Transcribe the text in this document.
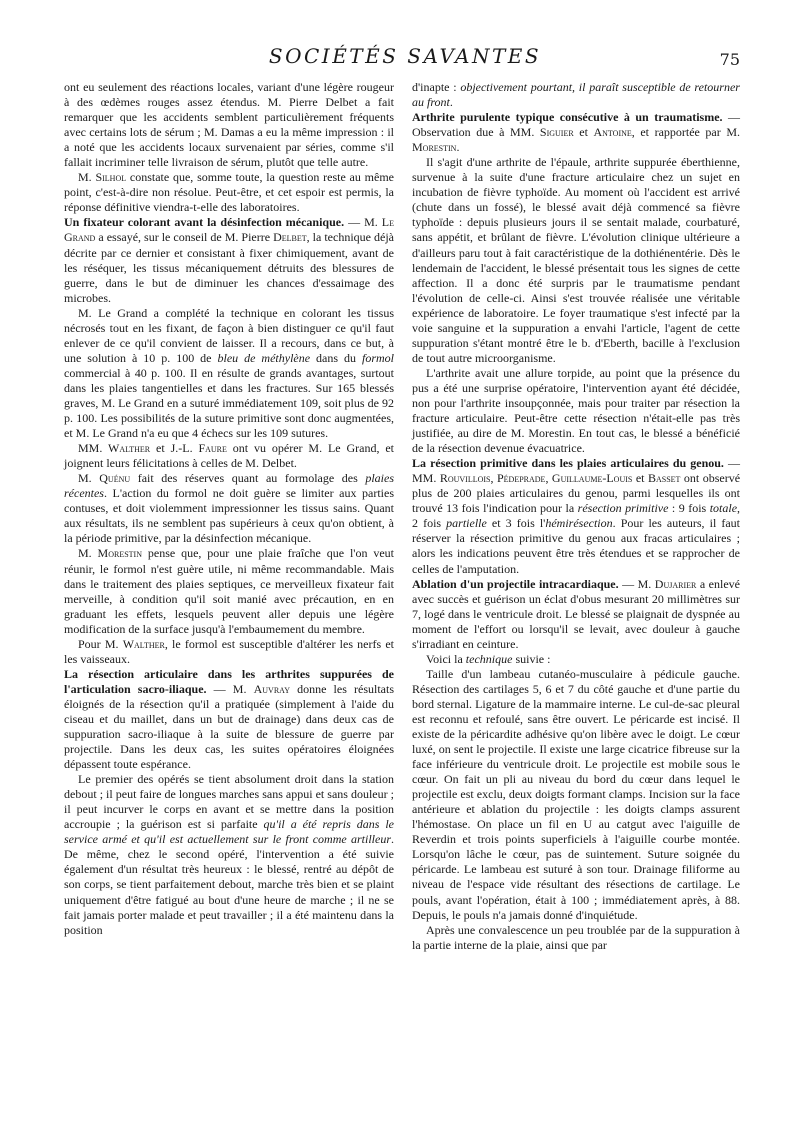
SOCIÉTÉS SAVANTES	75

ont eu seulement des réactions locales, variant d'une légère rougeur à des œdèmes rouges assez étendus. M. Pierre Delbet a fait remarquer que les accidents semblent particulièrement fréquents avec certains lots de sérum ; M. Damas a eu la même impression : il a noté que les accidents locaux survenaient par séries, comme s'il fallait incriminer telle livraison de sérum, plutôt que telle autre.

M. Silhol constate que, somme toute, la question reste au même point, c'est-à-dire non résolue. Peut-être, et cet espoir est permis, la réponse définitive viendra-t-elle des laboratoires.

Un fixateur colorant avant la désinfection mécanique. — M. Le Grand a essayé, sur le conseil de M. Pierre Delbet, la technique déjà décrite par ce dernier et consistant à fixer chimiquement, avant de les réséquer, les tissus mécaniquement détruits des blessures de guerre, dans le but de diminuer les chances d'essaimage des microbes.

M. Le Grand a complété la technique en colorant les tissus nécrosés tout en les fixant, de façon à bien distinguer ce qu'il faut enlever de ce qu'il convient de laisser. Il a recours, dans ce but, à une solution à 10 p. 100 de bleu de méthylène dans du formol commercial à 40 p. 100. Il en résulte de grands avantages, surtout dans les plaies tangentielles et dans les fractures. Sur 165 blessés graves, M. Le Grand en a suturé immédiatement 109, soit plus de 92 p. 100. Les possibilités de la suture primitive sont donc augmentées, et M. Le Grand n'a eu que 4 échecs sur les 109 sutures.

MM. Walther et J.-L. Faure ont vu opérer M. Le Grand, et joignent leurs félicitations à celles de M. Delbet.

M. Quénu fait des réserves quant au formolage des plaies récentes. L'action du formol ne doit guère se limiter aux parties contuses, et doit violemment impressionner les tissus sains. Quant aux résultats, ils ne semblent pas supérieurs à ceux qu'on obtient, à la période primitive, par la désinfection mécanique.

M. Morestin pense que, pour une plaie fraîche que l'on veut réunir, le formol n'est guère utile, ni même recommandable. Mais dans le traitement des plaies septiques, ce merveilleux fixateur fait merveille, à condition qu'il soit manié avec précaution, en en graduant les effets, lesquels peuvent aller depuis une légère modification de la surface jusqu'à l'embaumement du membre.

Pour M. Walther, le formol est susceptible d'altérer les nerfs et les vaisseaux.

La résection articulaire dans les arthrites suppurées de l'articulation sacro-iliaque. — M. Auvray donne les résultats éloignés de la résection qu'il a pratiquée (simplement à l'aide du ciseau et du maillet, dans un but de drainage) dans deux cas de suppuration sacro-iliaque à la suite de blessure de guerre par projectile. Dans les deux cas, les suites opératoires éloignées dépassent toute espérance.

Le premier des opérés se tient absolument droit dans la station debout ; il peut faire de longues marches sans appui et sans douleur ; il peut incurver le corps en avant et se mettre dans la position accroupie ; la guérison est si parfaite qu'il a été repris dans le service armé et qu'il est actuellement sur le front comme artilleur. De même, chez le second opéré, l'intervention a été suivie également d'un résultat très heureux : le blessé, rentré au dépôt de son corps, se tient parfaitement debout, marche très bien et se plaint uniquement d'être fatigué au bout d'une heure de marche ; il ne se fait jamais porter malade et peut travailler ; il a été maintenu dans la position

d'inapte : objectivement pourtant, il paraît susceptible de retourner au front.

Arthrite purulente typique consécutive à un traumatisme. — Observation due à MM. Siguier et Antoine, et rapportée par M. Morestin.

Il s'agit d'une arthrite de l'épaule, arthrite suppurée éberthienne, survenue à la suite d'une fracture articulaire chez un sujet en incubation de fièvre typhoïde. Au moment où l'accident est arrivé (chute dans un fossé), le blessé avait déjà commencé sa fièvre typhoïde : depuis plusieurs jours il se sentait malade, courbaturé, sans appétit, et brûlant de fièvre. L'évolution clinique ultérieure a d'ailleurs paru tout à fait caractéristique de la dothiénentérie. Dès le lendemain de l'accident, le blessé présentait tous les signes de cette affection. Il a donc été surpris par le traumatisme pendant l'évolution de celle-ci. Ainsi s'est trouvée réalisée une véritable expérience de laboratoire. Le foyer traumatique s'est infecté par la voie sanguine et la suppuration a envahi l'article, l'agent de cette suppuration s'étant montré être le b. d'Eberth, bacille à l'exclusion de tout autre microorganisme.

L'arthrite avait une allure torpide, au point que la présence du pus a été une surprise opératoire, l'intervention ayant été décidée, non pour l'arthrite insoupçonnée, mais pour traiter par résection la fracture articulaire. Peut-être cette résection n'était-elle pas très justifiée, au dire de M. Morestin. En tout cas, le blessé a bénéficié de la résection devenue évacuatrice.

La résection primitive dans les plaies articulaires du genou. — MM. Rouvillois, Pédeprade, Guillaume-Louis et Basset ont observé plus de 200 plaies articulaires du genou, parmi lesquelles ils ont trouvé 13 fois l'indication pour la résection primitive : 9 fois totale, 2 fois partielle et 3 fois l'hémirésection. Pour les auteurs, il faut réserver la résection primitive du genou aux fracas articulaires ; alors les indications peuvent être très étendues et se rapprocher de celles de l'amputation.

Ablation d'un projectile intracardiaque. — M. Dujarier a enlevé avec succès et guérison un éclat d'obus mesurant 20 millimètres sur 7, logé dans le ventricule droit. Le blessé se plaignait de dyspnée au moment de l'effort ou lorsqu'il se levait, avec douleur à gauche s'irradiant en ceinture.

Voici la technique suivie :

Taille d'un lambeau cutanéo-musculaire à pédicule gauche. Résection des cartilages 5, 6 et 7 du côté gauche et d'une partie du bord sternal. Ligature de la mammaire interne. Le cul-de-sac pleural est reconnu et refoulé, sans être ouvert. Le péricarde est incisé. Il existe de la péricardite adhésive qu'on libère avec le doigt. Le cœur luxé, on sent le projectile. Il existe une large cicatrice fibreuse sur la face inférieure du ventricule droit. Le projectile est mobile sous le cœur. On fait un pli au niveau du bord du cœur dans lequel le projectile est exclu, deux doigts formant clamps. Incision sur la face antérieure et ablation du projectile : les doigts clamps assurent l'hémostase. On place un fil en U au catgut avec l'aiguille de Reverdin et trois points superficiels à l'aiguille courbe montée. Lorsqu'on lâche le cœur, pas de suintement. Suture soignée du péricarde. Le lambeau est suturé à son tour. Drainage filiforme au niveau de l'espace vide résultant des résections de cartilage. Le pouls, avant l'opération, était à 100 ; immédiatement après, à 88. Depuis, le pouls n'a jamais donné d'inquiétude.

Après une convalescence un peu troublée par de la suppuration à la partie interne de la plaie, ainsi que par
